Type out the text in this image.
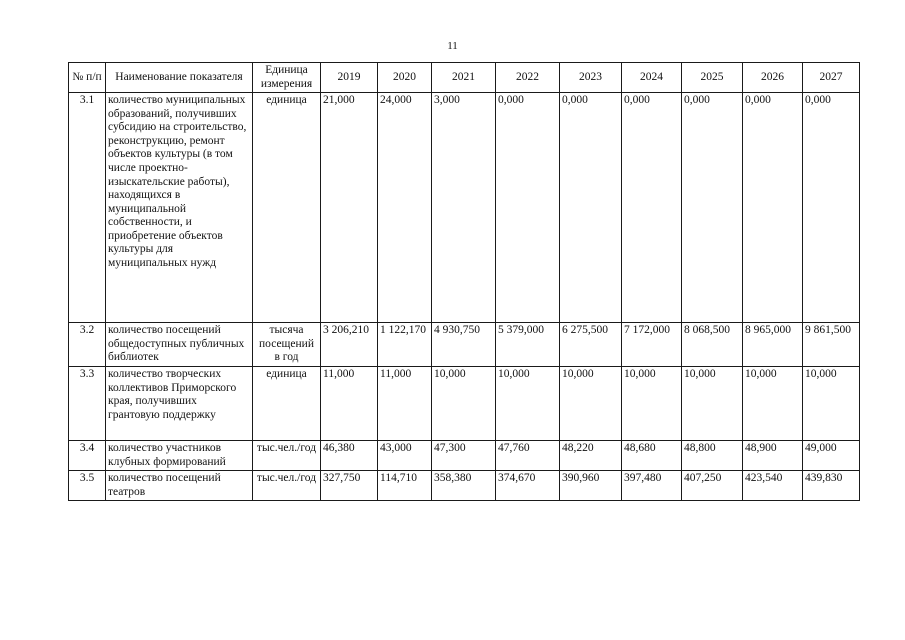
11
№ п/п	Наименование показателя	Единица измерения	2019	2020	2021	2022	2023	2024	2025	2026	2027
3.1	количество муниципальных образований, получивших субсидию на строительство, реконструкцию, ремонт объектов культуры (в том числе проектно-изыскательские работы), находящихся в муниципальной собственности, и приобретение объектов культуры для муниципальных нужд	единица	21,000	24,000	3,000	0,000	0,000	0,000	0,000	0,000	0,000
3.2	количество посещений общедоступных публичных библиотек	тысяча посещений в год	3 206,210	1 122,170	4 930,750	5 379,000	6 275,500	7 172,000	8 068,500	8 965,000	9 861,500
3.3	количество творческих коллективов Приморского края, получивших грантовую поддержку	единица	11,000	11,000	10,000	10,000	10,000	10,000	10,000	10,000	10,000
3.4	количество участников клубных формирований	тыс.чел./год	46,380	43,000	47,300	47,760	48,220	48,680	48,800	48,900	49,000
3.5	количество посещений театров	тыс.чел./год	327,750	114,710	358,380	374,670	390,960	397,480	407,250	423,540	439,830
